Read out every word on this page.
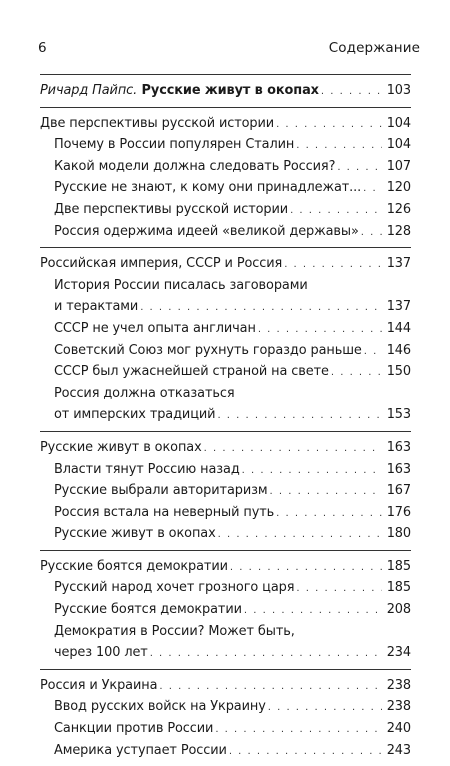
6	Содержание
Ричард Пайпс. Русские живут в окопах . . .	103
Две перспективы русской истории . . .	104
Почему в России популярен Сталин . . .	104
Какой модели должна следовать Россия? . . .	107
Русские не знают, к кому они принадлежат... . . . 120
Две перспективы русской истории . . .	126
Россия одержима идеей «великой державы» . . . 128
Российская империя, СССР и Россия . . .	137
История России писалась заговорами
и терактами . . .	137
СССР не учел опыта англичан . . .	144
Советский Союз мог рухнуть гораздо раньше . . . 146
СССР был ужаснейшей страной на свете . . .	150
Россия должна отказаться
от имперских традиций . . .	153
Русские живут в окопах . . .	163
Власти тянут Россию назад . . .	163
Русские выбрали авторитаризм . . .	167
Россия встала на неверный путь . . .	176
Русские живут в окопах . . .	180
Русские боятся демократии . . .	185
Русский народ хочет грозного царя . . .	185
Русские боятся демократии . . .	208
Демократия в России? Может быть,
через 100 лет . . .	234
Россия и Украина . . .	238
Ввод русских войск на Украину . . .	238
Санкции против России . . .	240
Америка уступает России . . .	243
